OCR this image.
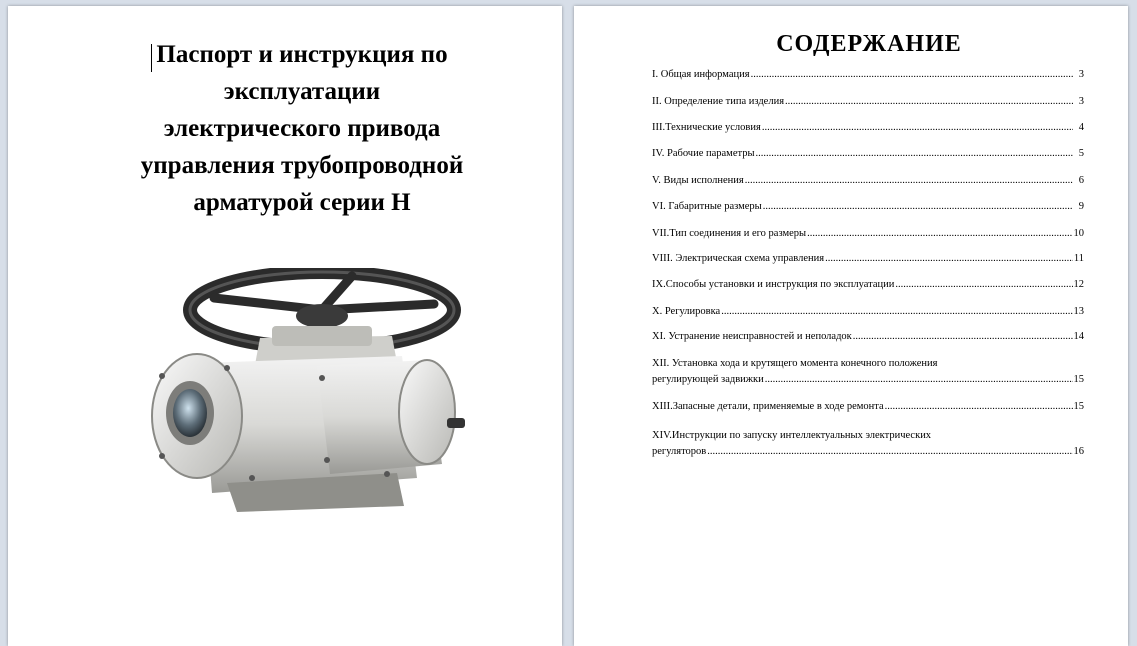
Паспорт и инструкция по
эксплуатации
электрического привода
управления трубопроводной
арматурой серии H
СОДЕРЖАНИЕ
I. Общая информация .....	3
II. Определение типа изделия .....	3
III.Технические условия .....	4
IV. Рабочие параметры .....	5
V. Виды исполнения .....	6
VI. Габаритные размеры .....	9
VII.Тип соединения и его размеры .....	10
VIII. Электрическая схема управления .....	11
IX.Способы установки и инструкция по эксплуатации .....	12
X. Регулировка .....	13
XI. Устранение неисправностей и неполадок .....	14
XII. Установка хода и крутящего момента конечного положения
регулирующей задвижки .....	15
XIII.Запасные детали, применяемые в ходе ремонта .....	15
XIV.Инструкции по запуску интеллектуальных электрических
регуляторов .....	16
